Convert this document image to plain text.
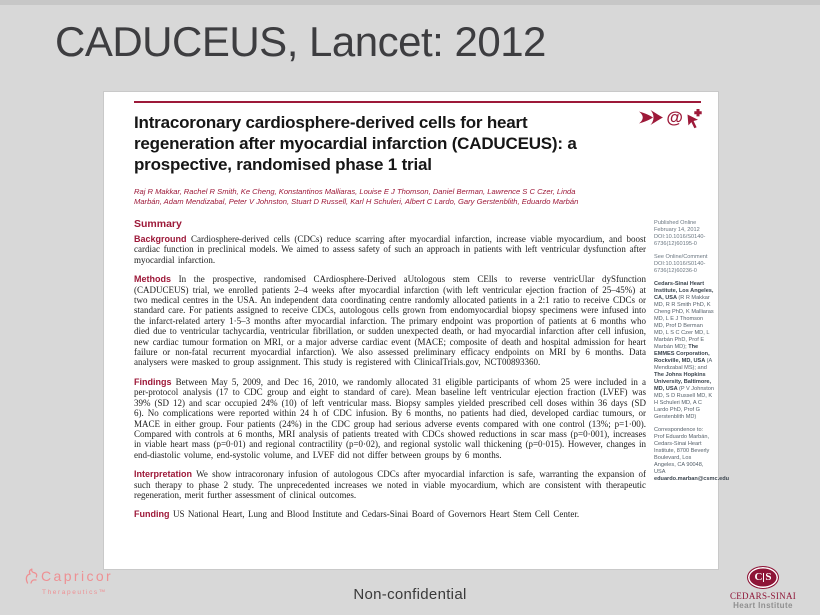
CADUCEUS, Lancet: 2012
@
Intracoronary cardiosphere-derived cells for heart regeneration after myocardial infarction (CADUCEUS): a prospective, randomised phase 1 trial

Raj R Makkar, Rachel R Smith, Ke Cheng, Konstantinos Malliaras, Louise E J Thomson, Daniel Berman, Lawrence S C Czer, Linda Marbán, Adam Mendizabal, Peter V Johnston, Stuart D Russell, Karl H Schuleri, Albert C Lardo, Gary Gerstenblith, Eduardo Marbán

Summary

Background Cardiosphere-derived cells (CDCs) reduce scarring after myocardial infarction, increase viable myocardium, and boost cardiac function in preclinical models. We aimed to assess safety of such an approach in patients with left ventricular dysfunction after myocardial infarction.

Methods In the prospective, randomised CArdiosphere-Derived aUtologous stem CElls to reverse ventricUlar dySfunction (CADUCEUS) trial, we enrolled patients 2–4 weeks after myocardial infarction (with left ventricular ejection fraction of 25–45%) at two medical centres in the USA. An independent data coordinating centre randomly allocated patients in a 2:1 ratio to receive CDCs or standard care. For patients assigned to receive CDCs, autologous cells grown from endomyocardial biopsy specimens were infused into the infarct-related artery 1·5–3 months after myocardial infarction. The primary endpoint was proportion of patients at 6 months who died due to ventricular tachycardia, ventricular fibrillation, or sudden unexpected death, or had myocardial infarction after cell infusion, new cardiac tumour formation on MRI, or a major adverse cardiac event (MACE; composite of death and hospital admission for heart failure or non-fatal recurrent myocardial infarction). We also assessed preliminary efficacy endpoints on MRI by 6 months. Data analysers were masked to group assignment. This study is registered with ClinicalTrials.gov, NCT00893360.

Findings Between May 5, 2009, and Dec 16, 2010, we randomly allocated 31 eligible participants of whom 25 were included in a per-protocol analysis (17 to CDC group and eight to standard of care). Mean baseline left ventricular ejection fraction (LVEF) was 39% (SD 12) and scar occupied 24% (10) of left ventricular mass. Biopsy samples yielded prescribed cell doses within 36 days (SD 6). No complications were reported within 24 h of CDC infusion. By 6 months, no patients had died, developed cardiac tumours, or MACE in either group. Four patients (24%) in the CDC group had serious adverse events compared with one control (13%; p=1·00). Compared with controls at 6 months, MRI analysis of patients treated with CDCs showed reductions in scar mass (p=0·001), increases in viable heart mass (p=0·01) and regional contractility (p=0·02), and regional systolic wall thickening (p=0·015). However, changes in end-diastolic volume, end-systolic volume, and LVEF did not differ between groups by 6 months.

Interpretation We show intracoronary infusion of autologous CDCs after myocardial infarction is safe, warranting the expansion of such therapy to phase 2 study. The unprecedented increases we noted in viable myocardium, which are consistent with therapeutic regeneration, merit further assessment of clinical outcomes.

Funding US National Heart, Lung and Blood Institute and Cedars-Sinai Board of Governors Heart Stem Cell Center.

Published Online
February 14, 2012
DOI:10.1016/S0140-6736(12)60195-0

See Online/Comment
DOI:10.1016/S0140-6736(12)60236-0

Cedars-Sinai Heart Institute, Los Angeles, CA, USA (R R Makkar MD, R R Smith PhD, K Cheng PhD, K Malliaras MD, L E J Thomson MD, Prof D Berman MD, L S C Czer MD, L Marbán PhD, Prof E Marbán MD); The EMMES Corporation, Rockville, MD, USA (A Mendizabal MS); and The Johns Hopkins University, Baltimore, MD, USA (P V Johnston MD, S D Russell MD, K H Schuleri MD, A C Lardo PhD, Prof G Gerstenblith MD)

Correspondence to:
Prof Eduardo Marbán, Cedars-Sinai Heart Institute, 8700 Beverly Boulevard, Los Angeles, CA 90048, USA eduardo.marban@csmc.edu

Non-confidential
Capricor
Therapeutics™
C S
CEDARS-SINAI
Heart Institute
